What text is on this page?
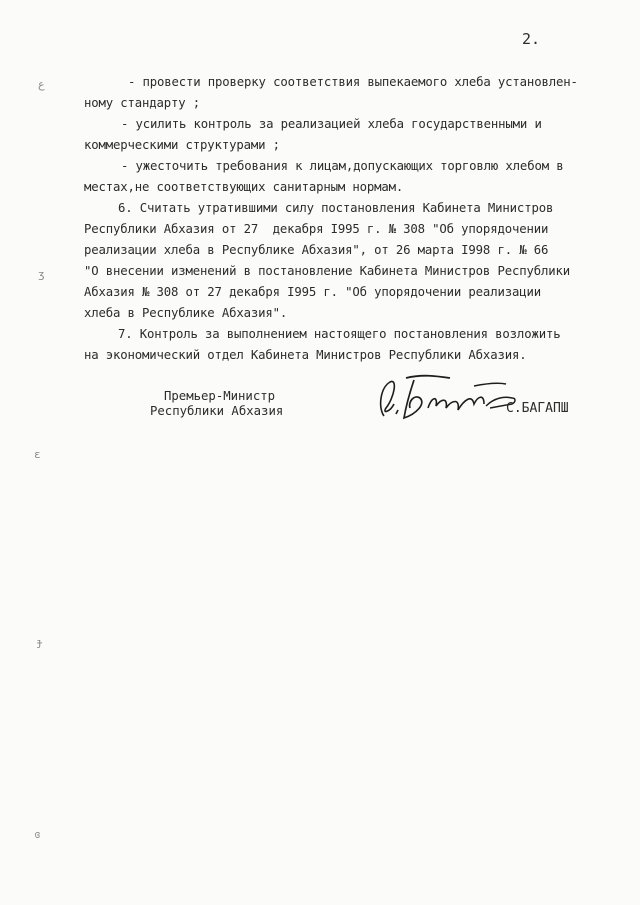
2.
- провести проверку соответствия выпекаемого хлеба установлен-
ному стандарту ;
- усилить контроль за реализацией хлеба государственными и
коммерческими структурами ;
- ужесточить требования к лицам,допускающих торговлю хлебом в
местах,не соответствующих санитарным нормам.
6. Считать утратившими силу постановления Кабинета Министров
Республики Абхазия от 27  декабря I995 г. № 308 "Об упорядочении
реализации хлеба в Республике Абхазия", от 26 марта I998 г. № 66
"О внесении изменений в постановление Кабинета Министров Республики
Абхазия № 308 от 27 декабря I995 г. "Об упорядочении реализации
хлеба в Республике Абхазия".
7. Контроль за выполнением настоящего постановления возложить
на экономический отдел Кабинета Министров Республики Абхазия.
Премьер-Министр
Республики Абхазия	С.БАГАПШ
ع
ʒ
ɛ
ɟ
ɞ
